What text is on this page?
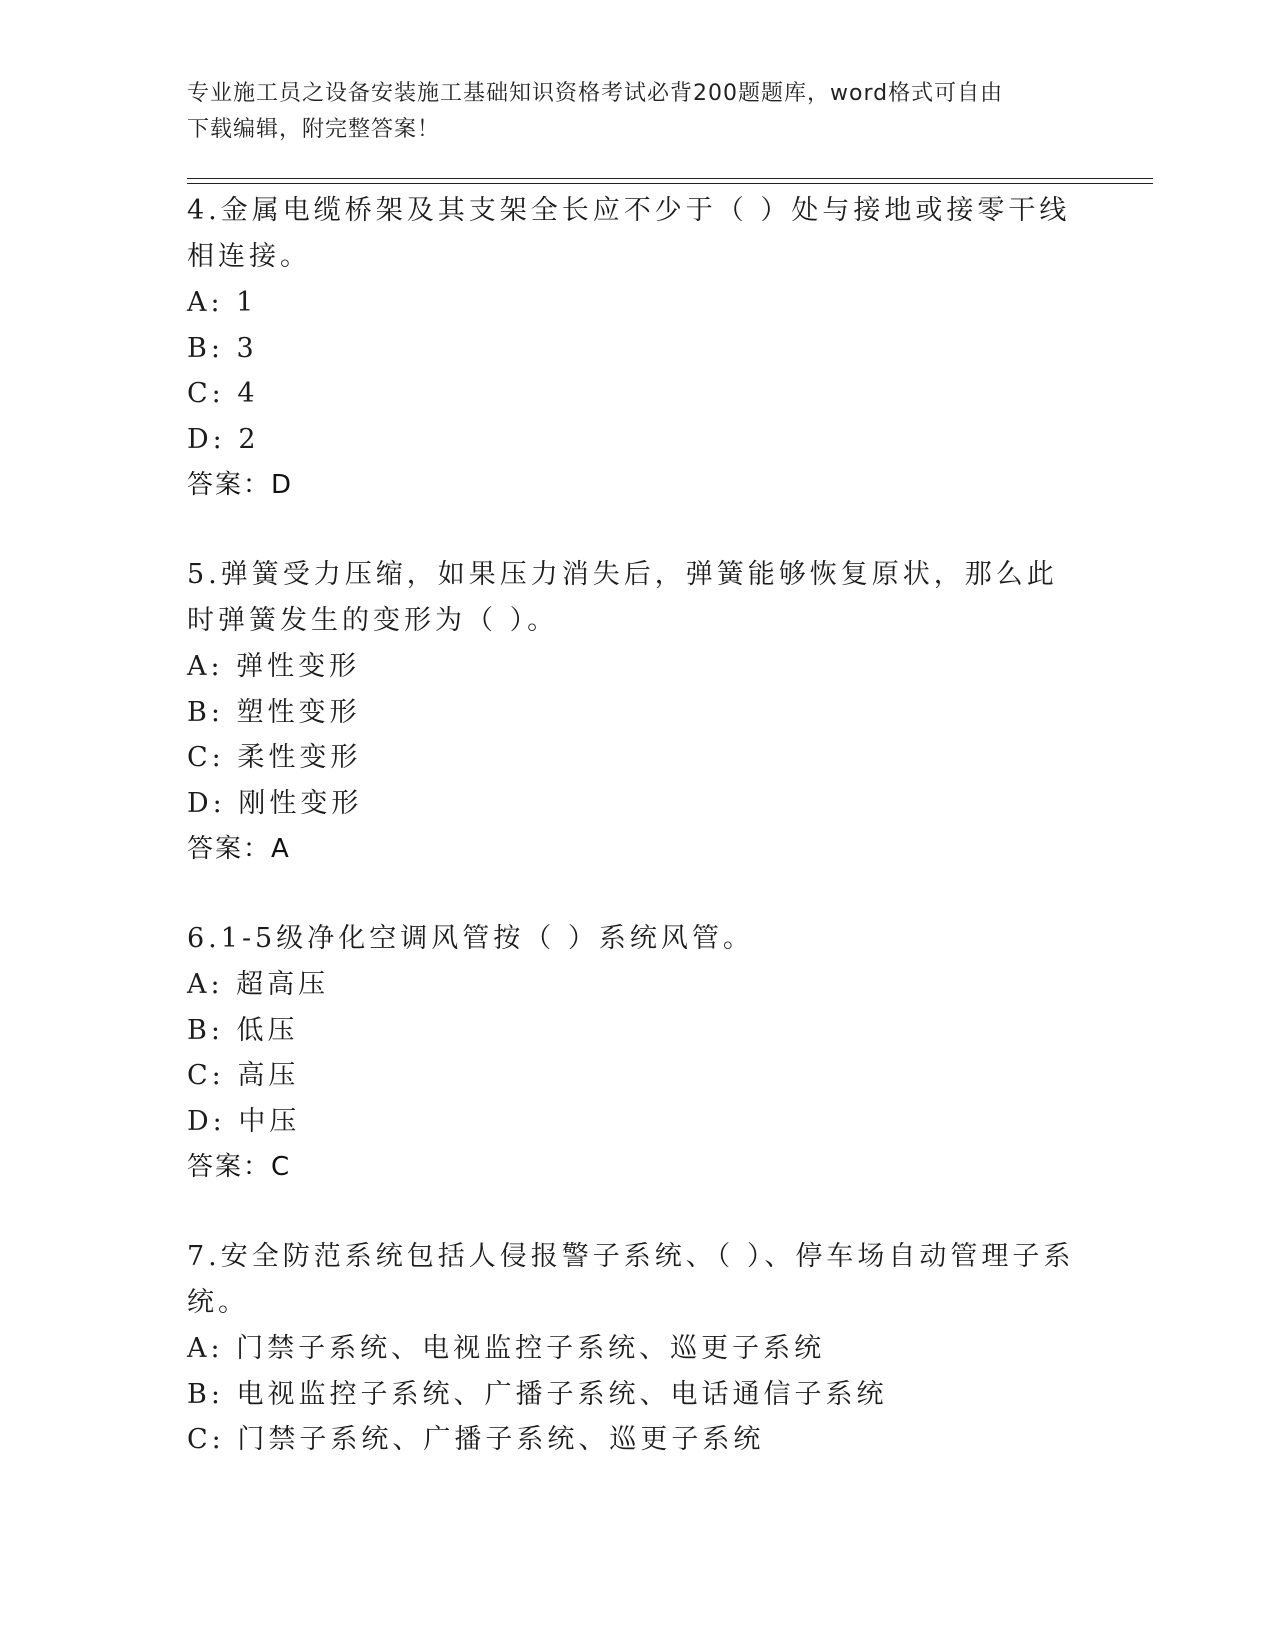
专业施工员之设备安装施工基础知识资格考试必背200题题库，word格式可自由
下载编辑，附完整答案！
4.金属电缆桥架及其支架全长应不少于（ ）处与接地或接零干线相连接。
A: 1
B: 3
C: 4
D: 2
答案：D
5.弹簧受力压缩，如果压力消失后，弹簧能够恢复原状，那么此时弹簧发生的变形为（ ）。
A: 弹性变形
B: 塑性变形
C: 柔性变形
D: 刚性变形
答案：A
6.1-5级净化空调风管按（ ）系统风管。
A: 超高压
B: 低压
C: 高压
D: 中压
答案：C
7.安全防范系统包括人侵报警子系统、（ ）、停车场自动管理子系统。
A: 门禁子系统、电视监控子系统、巡更子系统
B: 电视监控子系统、广播子系统、电话通信子系统
C: 门禁子系统、广播子系统、巡更子系统
